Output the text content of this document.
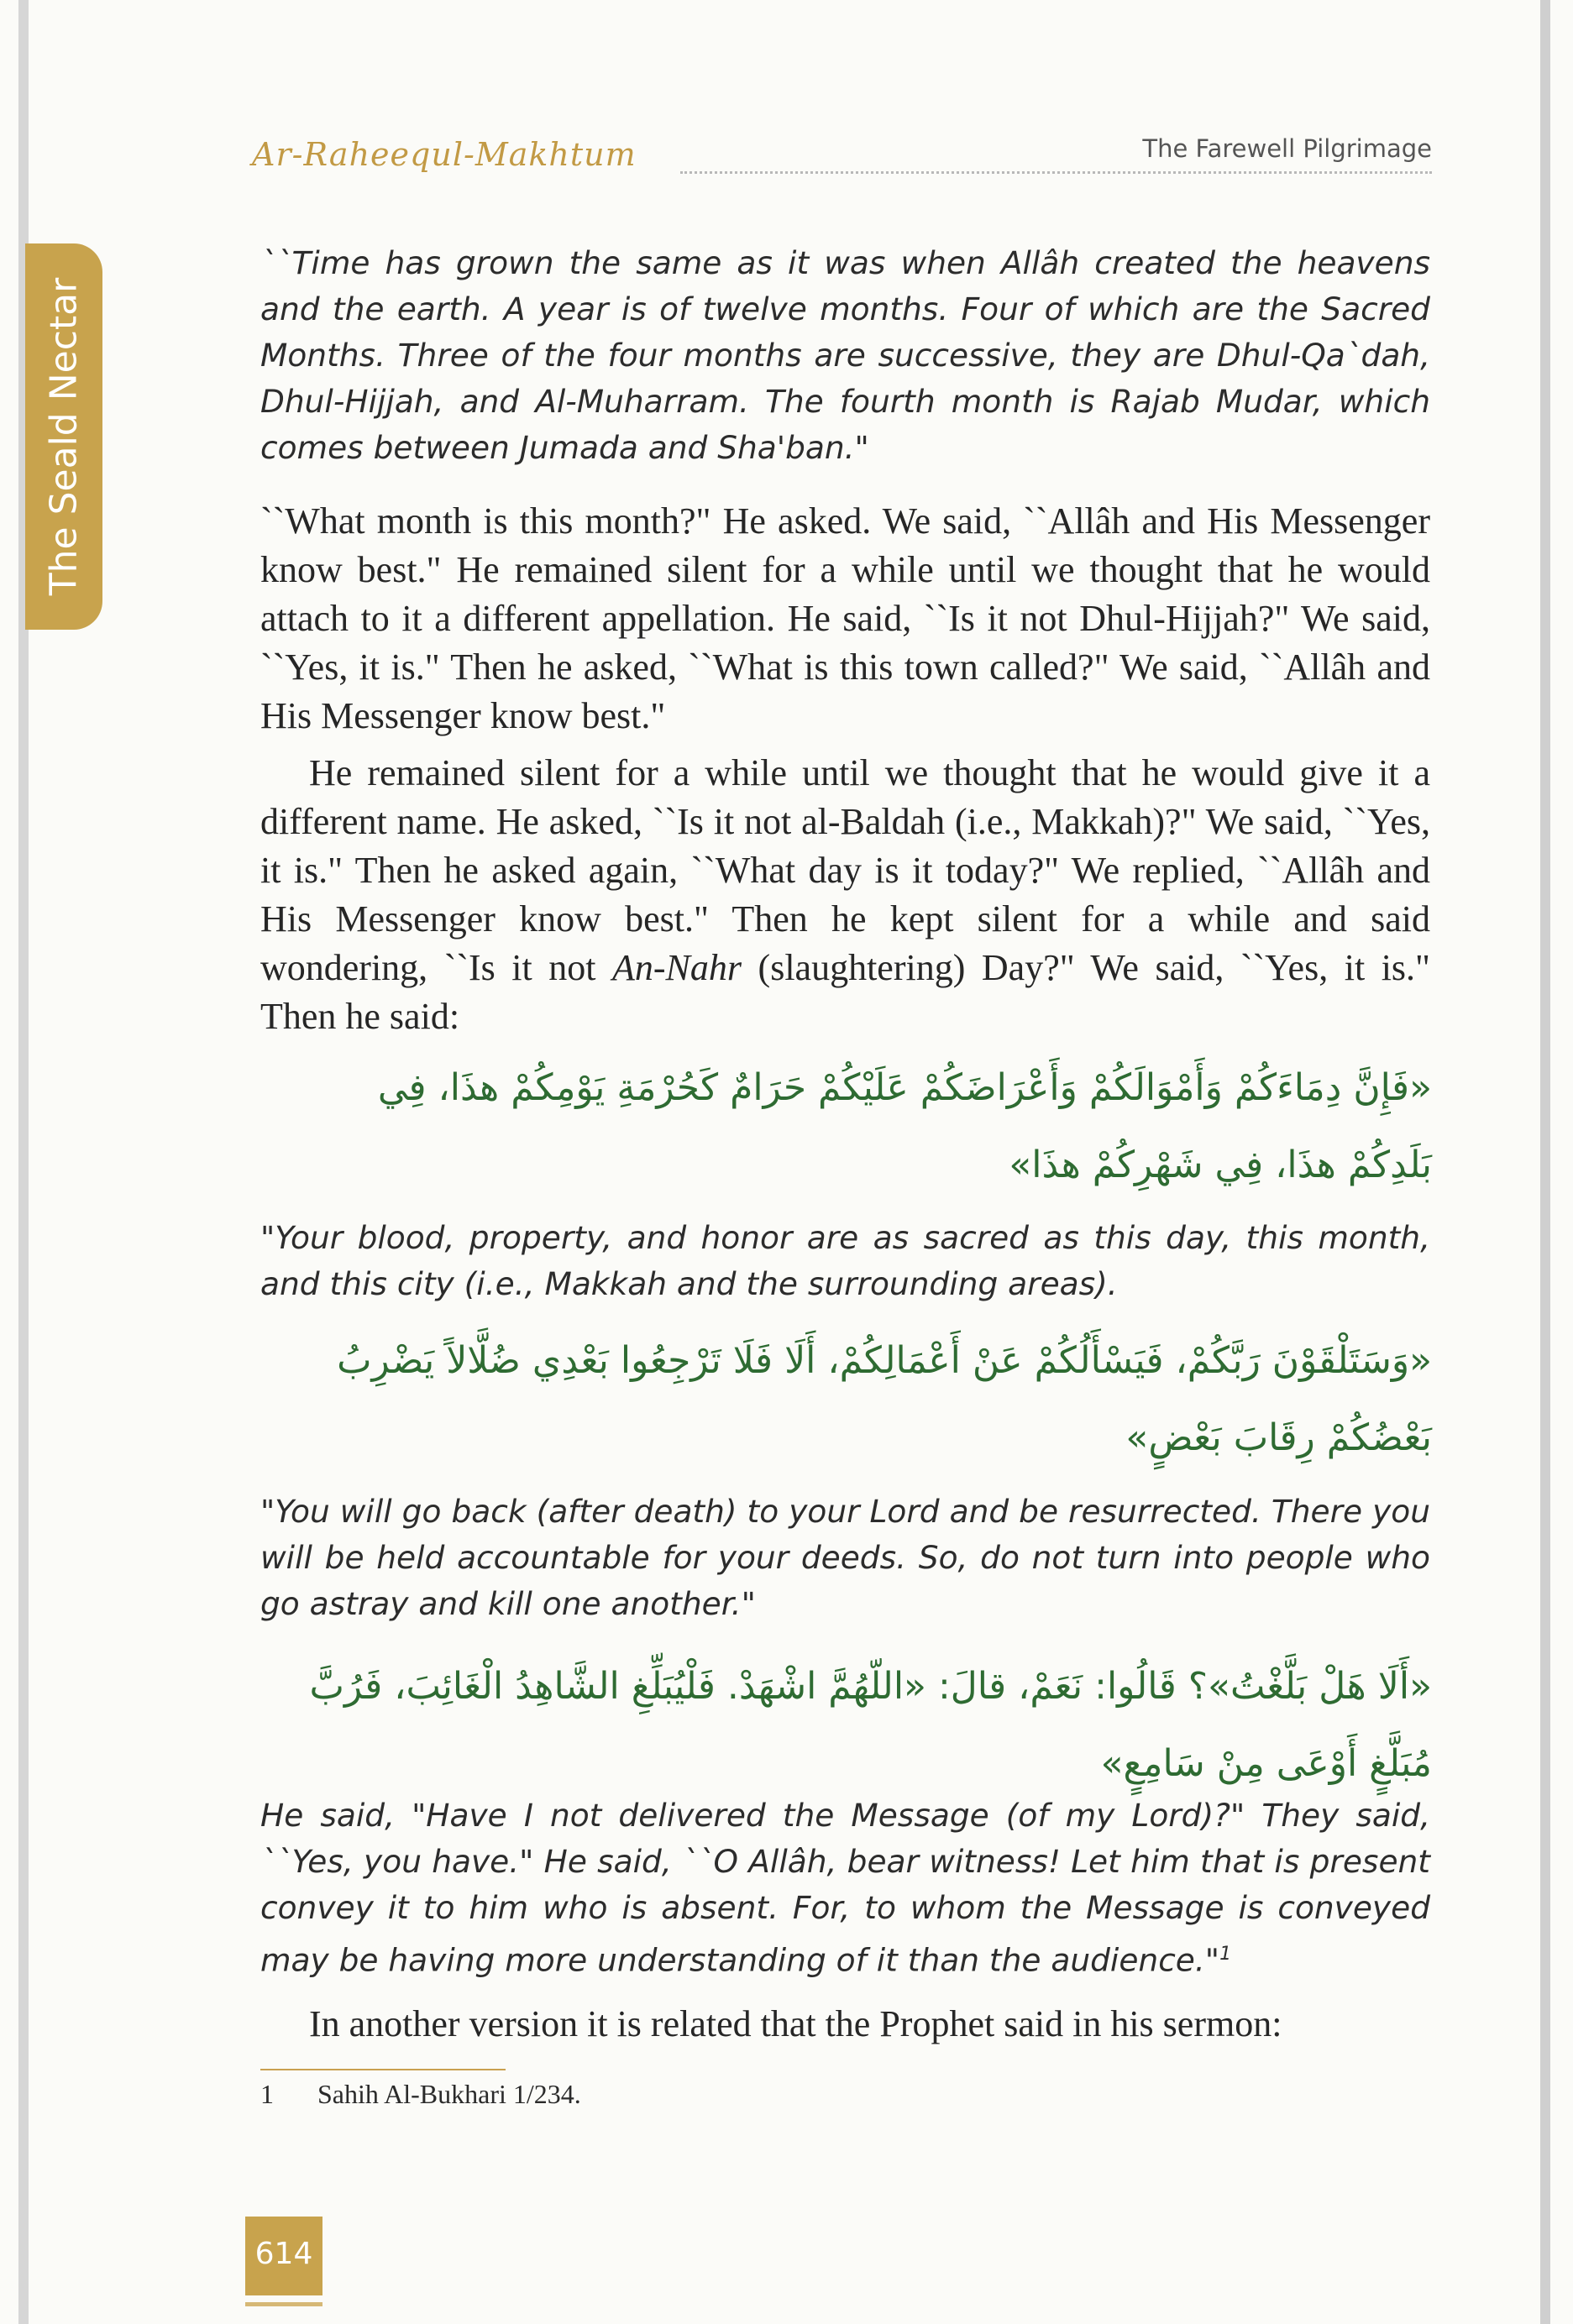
The Seald Nectar
Ar-Raheequl-Makhtum	The Farewell Pilgrimage

``Time has grown the same as it was when Allâh created the heavens and the earth. A year is of twelve months. Four of which are the Sacred Months. Three of the four months are successive, they are Dhul-Qa`dah, Dhul-Hijjah, and Al-Muharram. The fourth month is Rajab Mudar, which comes between Jumada and Sha'ban."

``What month is this month?" He asked. We said, ``Allâh and His Messenger know best." He remained silent for a while until we thought that he would attach to it a different appellation. He said, ``Is it not Dhul-Hijjah?" We said, ``Yes, it is." Then he asked, ``What is this town called?" We said, ``Allâh and His Messenger know best."

He remained silent for a while until we thought that he would give it a different name. He asked, ``Is it not al-Baldah (i.e., Makkah)?" We said, ``Yes, it is." Then he asked again, ``What day is it today?" We replied, ``Allâh and His Messenger know best." Then he kept silent for a while and said wondering, ``Is it not An-Nahr (slaughtering) Day?" We said, ``Yes, it is." Then he said:

«فَإِنَّ دِمَاءَكُمْ وَأَمْوَالَكُمْ وَأَعْرَاضَكُمْ عَلَيْكُمْ حَرَامٌ كَحُرْمَةِ يَوْمِكُمْ هذَا، فِي بَلَدِكُمْ هذَا، فِي شَهْرِكُمْ هذَا»

"Your blood, property, and honor are as sacred as this day, this month, and this city (i.e., Makkah and the surrounding areas).

«وَسَتَلْقَوْنَ رَبَّكُمْ، فَيَسْأَلُكُمْ عَنْ أَعْمَالِكُمْ، أَلَا فَلَا تَرْجِعُوا بَعْدِي ضُلَّالاً يَضْرِبُ بَعْضُكُمْ رِقَابَ بَعْضٍ»

"You will go back (after death) to your Lord and be resurrected. There you will be held accountable for your deeds. So, do not turn into people who go astray and kill one another."

«أَلَا هَلْ بَلَّغْتُ»؟ قَالُوا: نَعَمْ، قالَ: «اللّهُمَّ اشْهَدْ. فَلْيُبَلِّغِ الشَّاهِدُ الْغَائِبَ، فَرُبَّ مُبَلَّغٍ أَوْعَى مِنْ سَامِعٍ»

He said, "Have I not delivered the Message (of my Lord)?" They said, ``Yes, you have." He said, ``O Allâh, bear witness! Let him that is present convey it to him who is absent. For, to whom the Message is conveyed may be having more understanding of it than the audience."$^1$

In another version it is related that the Prophet said in his sermon:

1 Sahih Al-Bukhari 1/234.
614
